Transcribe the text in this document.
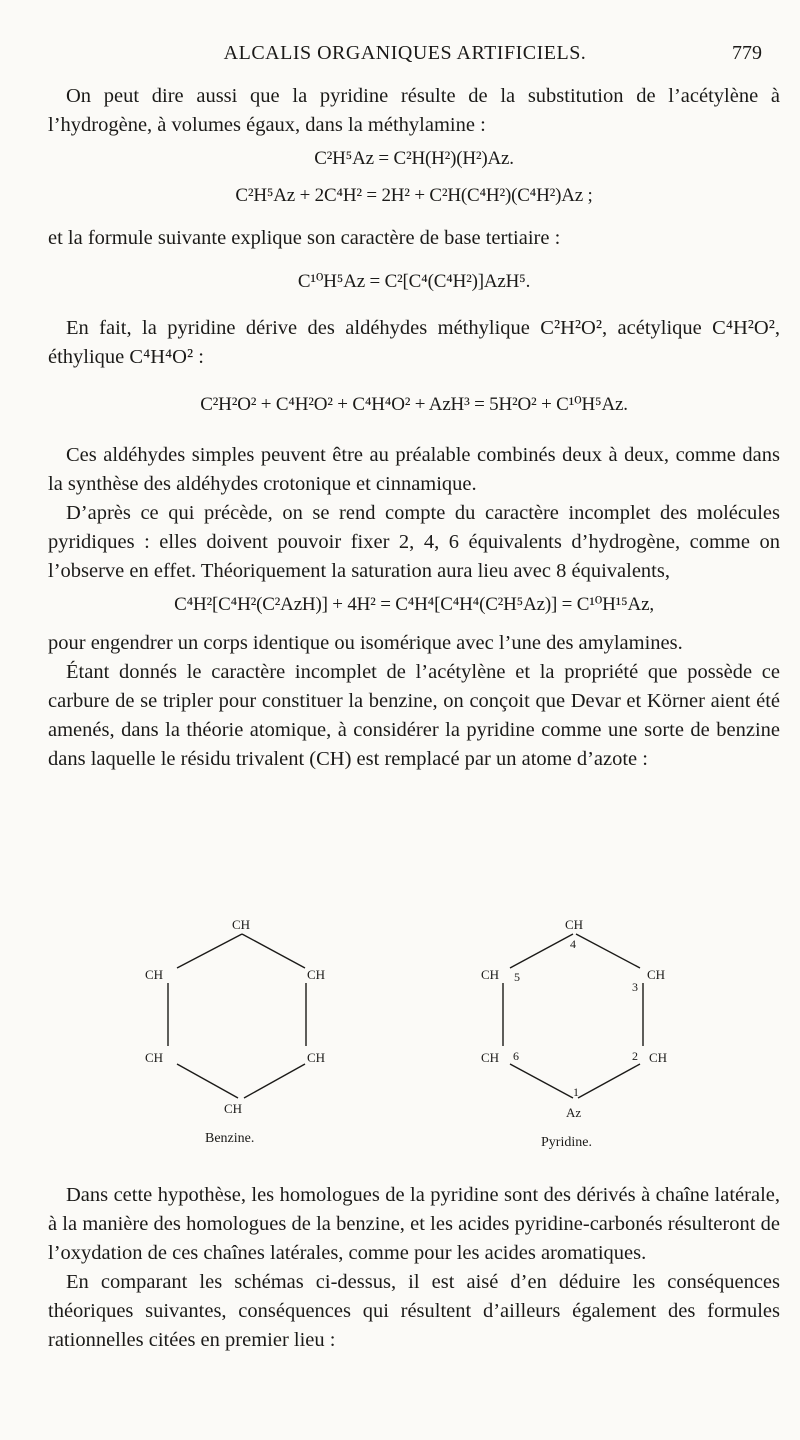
ALCALIS ORGANIQUES ARTIFICIELS.	779

On peut dire aussi que la pyridine résulte de la substitution de l’acétylène à l’hydrogène, à volumes égaux, dans la méthylamine :

C²H⁵Az = C²H(H²)(H²)Az.

C²H⁵Az + 2C⁴H² = 2H² + C²H(C⁴H²)(C⁴H²)Az ;

et la formule suivante explique son caractère de base tertiaire :

C¹⁰H⁵Az = C²[C⁴(C⁴H²)]AzH⁵.

En fait, la pyridine dérive des aldéhydes méthylique C²H²O², acétylique C⁴H²O², éthylique C⁴H⁴O² :

C²H²O² + C⁴H²O² + C⁴H⁴O² + AzH³ = 5H²O² + C¹⁰H⁵Az.

Ces aldéhydes simples peuvent être au préalable combinés deux à deux, comme dans la synthèse des aldéhydes crotonique et cinnamique.

D’après ce qui précède, on se rend compte du caractère incomplet des molécules pyridiques : elles doivent pouvoir fixer 2, 4, 6 équivalents d’hydrogène, comme on l’observe en effet. Théoriquement la saturation aura lieu avec 8 équivalents,

C⁴H²[C⁴H²(C²AzH)] + 4H² = C⁴H⁴[C⁴H⁴(C²H⁵Az)] = C¹⁰H¹⁵Az,

pour engendrer un corps identique ou isomérique avec l’une des amylamines.

Étant donnés le caractère incomplet de l’acétylène et la propriété que possède ce carbure de se tripler pour constituer la benzine, on conçoit que Devar et Körner aient été amenés, dans la théorie atomique, à considérer la pyridine comme une sorte de benzine dans laquelle le résidu trivalent (CH) est remplacé par un atome d’azote :

CH
CH	CH
CH	CH
CH
Benzine.
CH
CH	CH
CH	CH
Az
4
5
3
6	2
1
Pyridine.

Dans cette hypothèse, les homologues de la pyridine sont des dérivés à chaîne latérale, à la manière des homologues de la benzine, et les acides pyridine-carbonés résulteront de l’oxydation de ces chaînes latérales, comme pour les acides aromatiques.

En comparant les schémas ci-dessus, il est aisé d’en déduire les conséquences théoriques suivantes, conséquences qui résultent d’ailleurs également des formules rationnelles citées en premier lieu :
